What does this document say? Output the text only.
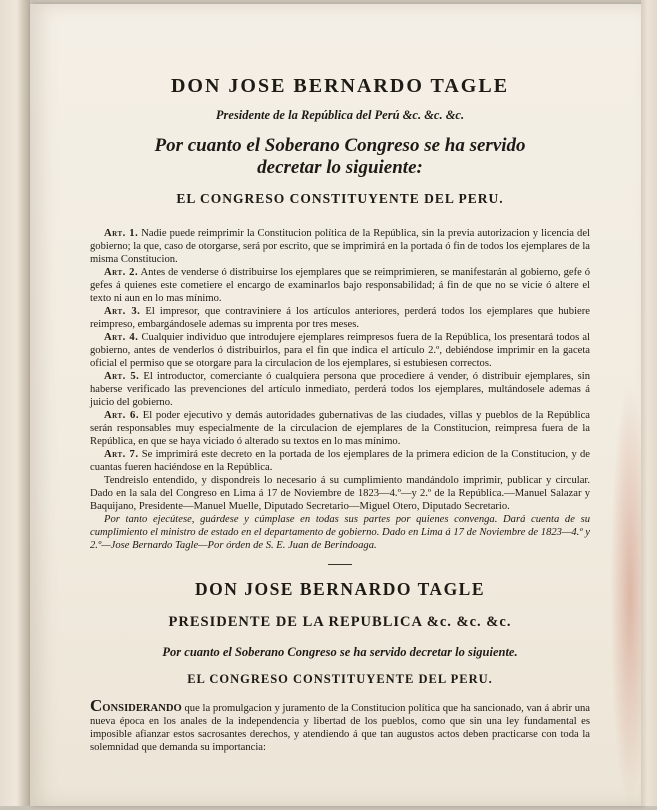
DON JOSE BERNARDO TAGLE
Presidente de la República del Perú &c. &c. &c.
Por cuanto el Soberano Congreso se ha servido
decretar lo siguiente:
EL CONGRESO CONSTITUYENTE DEL PERU.

Art. 1. Nadie puede reimprimir la Constitucion política de la República, sin la previa autorizacion y licencia del gobierno; la que, caso de otorgarse, será por escrito, que se imprimirá en la portada ó fin de todos los ejemplares de la misma Constitucion.

Art. 2. Antes de venderse ó distribuirse los ejemplares que se reimprimieren, se manifestarán al gobierno, gefe ó gefes á quienes este cometiere el encargo de examinarlos bajo responsabilidad; á fin de que no se vicie ó altere el texto ni aun en lo mas mínimo.

Art. 3. El impresor, que contraviniere á los artículos anteriores, perderá todos los ejemplares que hubiere reimpreso, embargándosele ademas su imprenta por tres meses.

Art. 4. Cualquier individuo que introdujere ejemplares reimpresos fuera de la República, los presentará todos al gobierno, antes de venderlos ó distribuirlos, para el fin que indica el artículo 2.º, debiéndose imprimir en la gaceta oficial el permiso que se otorgare para la circulacion de los ejemplares, si estubiesen correctos.

Art. 5. El introductor, comerciante ó cualquiera persona que procediere á vender, ó distribuir ejemplares, sin haberse verificado las prevenciones del artículo inmediato, perderá todos los ejemplares, multándosele ademas á juicio del gobierno.

Art. 6. El poder ejecutivo y demás autoridades gubernativas de las ciudades, villas y pueblos de la República serán responsables muy especialmente de la circulacion de ejemplares de la Constitucion, reimpresa fuera de la República, en que se haya viciado ó alterado su textos en lo mas mínimo.

Art. 7. Se imprimirá este decreto en la portada de los ejemplares de la primera edicion de la Constitucion, y de cuantas fueren haciéndose en la República.

Tendreislo entendido, y dispondreis lo necesario á su cumplimiento mandándolo imprimir, publicar y circular. Dado en la sala del Congreso en Lima á 17 de Noviembre de 1823—4.º—y 2.º de la República.—Manuel Salazar y Baquijano, Presidente—Manuel Muelle, Diputado Secretario—Miguel Otero, Diputado Secretario.

Por tanto ejecútese, guárdese y cúmplase en todas sus partes por quienes convenga. Dará cuenta de su cumplimiento el ministro de estado en el departamento de gobierno. Dado en Lima á 17 de Noviembre de 1823—4.º y 2.º—Jose Bernardo Tagle—Por órden de S. E. Juan de Berindoaga.

DON JOSE BERNARDO TAGLE
PRESIDENTE DE LA REPUBLICA &c. &c. &c.
Por cuanto el Soberano Congreso se ha servido decretar lo siguiente.
EL CONGRESO CONSTITUYENTE DEL PERU.
CONSIDERANDO que la promulgacion y juramento de la Constitucion política que ha sancionado, van á abrir una nueva época en los anales de la independencia y libertad de los pueblos, como que sin una ley fundamental es imposible afianzar estos sacrosantes derechos, y atendiendo á que tan augustos actos deben practicarse con toda la solemnidad que demanda su importancia:
